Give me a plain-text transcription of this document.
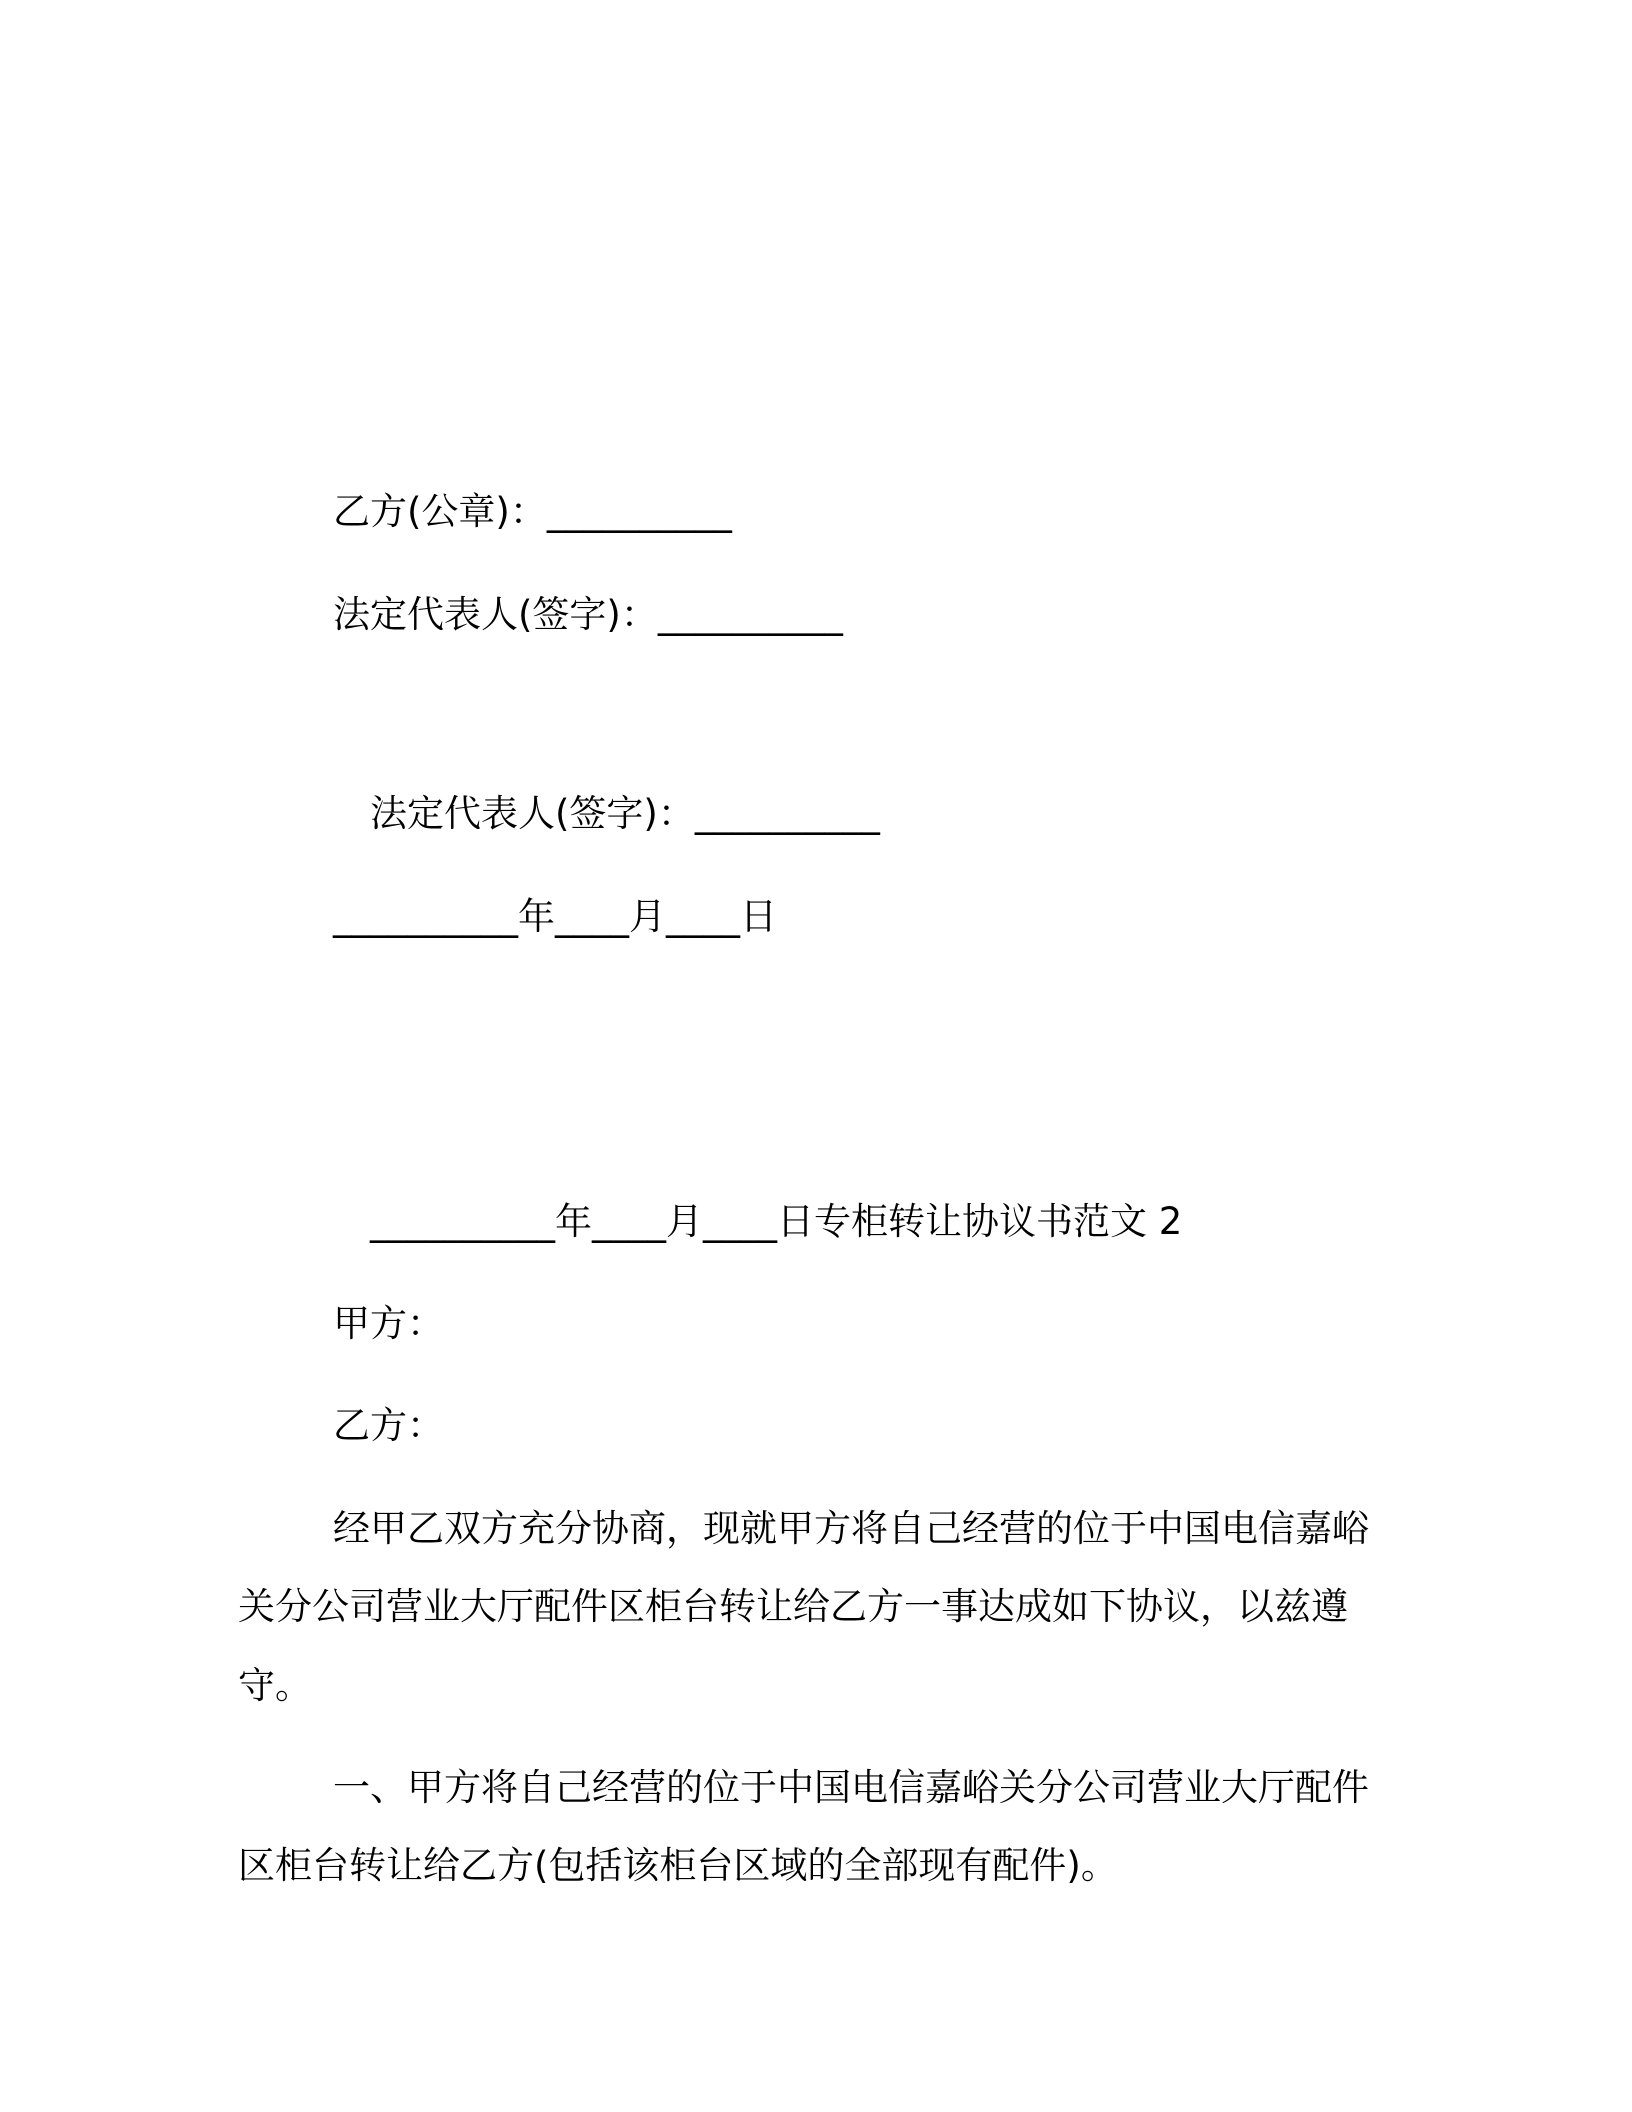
乙方(公章)：__________

法定代表人(签字)：__________

法定代表人(签字)：__________

__________年____月____日

__________年____月____日专柜转让协议书范文 2

甲方：

乙方：

经甲乙双方充分协商，现就甲方将自己经营的位于中国电信嘉峪

关分公司营业大厅配件区柜台转让给乙方一事达成如下协议，以兹遵

守。

一、甲方将自己经营的位于中国电信嘉峪关分公司营业大厅配件

区柜台转让给乙方(包括该柜台区域的全部现有配件)。
